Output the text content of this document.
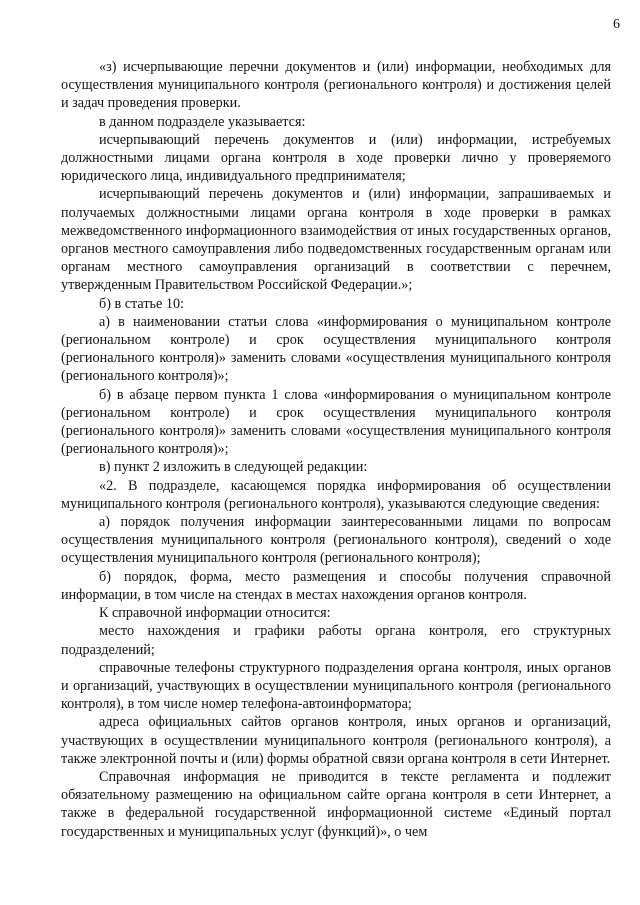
6

«з) исчерпывающие перечни документов и (или) информации, необходимых для осуществления муниципального контроля (регионального контроля) и достижения целей и задач проведения проверки.

в данном подразделе указывается:

исчерпывающий перечень документов и (или) информации, истребуемых должностными лицами органа контроля в ходе проверки лично у проверяемого юридического лица, индивидуального предпринимателя;

исчерпывающий перечень документов и (или) информации, запрашиваемых и получаемых должностными лицами органа контроля в ходе проверки в рамках межведомственного информационного взаимодействия от иных государственных органов, органов местного самоуправления либо подведомственных государственным органам или органам местного самоуправления организаций в соответствии с перечнем, утвержденным Правительством Российской Федерации.»;

б) в статье 10:

а) в наименовании статьи слова «информирования о муниципальном контроле (региональном контроле) и срок осуществления муниципального контроля (регионального контроля)» заменить словами «осуществления муниципального контроля (регионального контроля)»;

б) в абзаце первом пункта 1 слова «информирования о муниципальном контроле (региональном контроле) и срок осуществления муниципального контроля (регионального контроля)» заменить словами «осуществления муниципального контроля (регионального контроля)»;

в) пункт 2 изложить в следующей редакции:

«2. В подразделе, касающемся порядка информирования об осуществлении муниципального контроля (регионального контроля), указываются следующие сведения:

а) порядок получения информации заинтересованными лицами по вопросам осуществления муниципального контроля (регионального контроля), сведений о ходе осуществления муниципального контроля (регионального контроля);

б) порядок, форма, место размещения и способы получения справочной информации, в том числе на стендах в местах нахождения органов контроля.

К справочной информации относится:

место нахождения и графики работы органа контроля, его структурных подразделений;

справочные телефоны структурного подразделения органа контроля, иных органов и организаций, участвующих в осуществлении муниципального контроля (регионального контроля), в том числе номер телефона-автоинформатора;

адреса официальных сайтов органов контроля, иных органов и организаций, участвующих в осуществлении муниципального контроля (регионального контроля), а также электронной почты и (или) формы обратной связи органа контроля в сети Интернет.

Справочная информация не приводится в тексте регламента и подлежит обязательному размещению на официальном сайте органа контроля в сети Интернет, а также в федеральной государственной информационной системе «Единый портал государственных и муниципальных услуг (функций)», о чем
